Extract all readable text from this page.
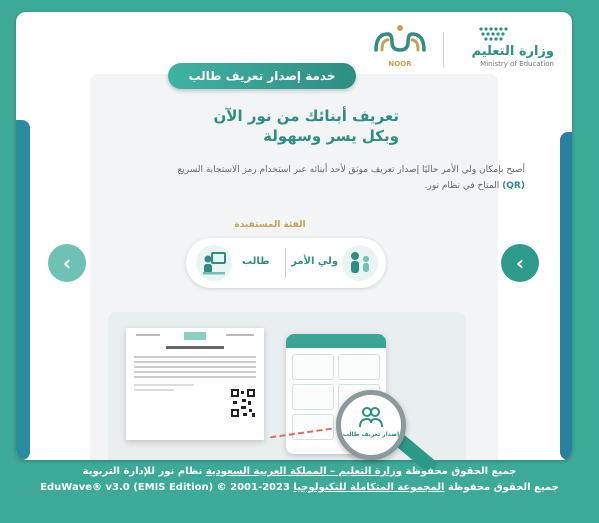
وزارة التعليم
Ministry of Education
NOOR
خدمة إصدار تعريف طالب
تعريف أبنائك من نور الآن
وبكل يسر وسهولة
أصبح بإمكان ولي الأمر حاليًا إصدار تعريف موثق لأحد أبنائه عبر استخدام رمز الاستجابة السريع (QR) المتاح في نظام نور.
الفئة المستفيدة
ولي الأمر
طالب
‹	‹
إصدار تعريف طالب
جميع الحقوق محفوظة وزارة التعليم – المملكة العربية السعودية نظام نور للإدارة التربوية
جميع الحقوق محفوظة المجموعة المتكاملة للتكنولوجيا EduWave® v3.0 (EMIS Edition) © 2001-2023
